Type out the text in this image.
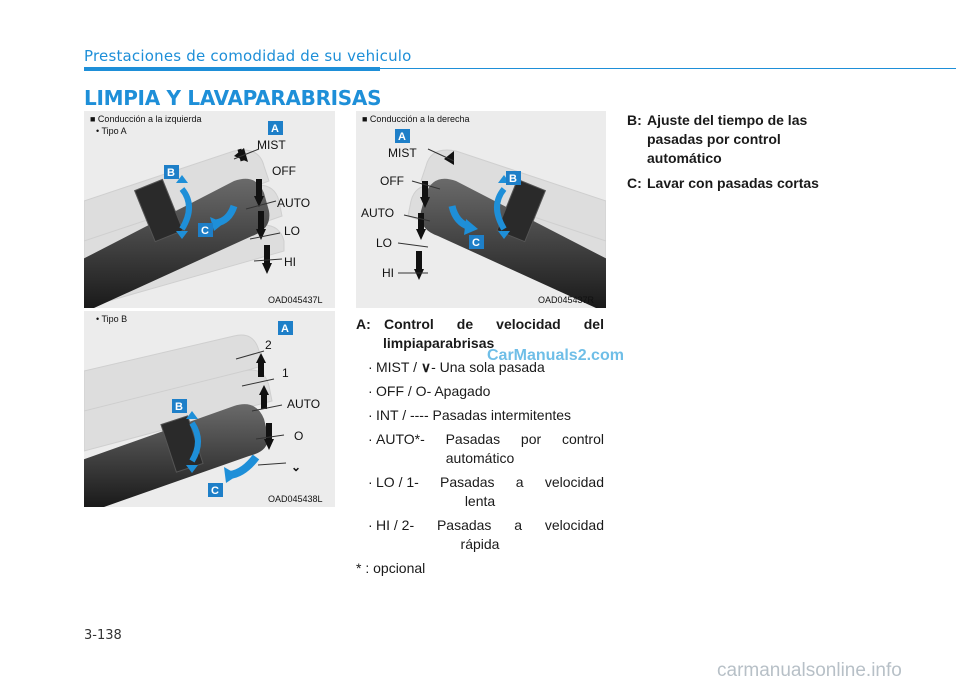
Prestaciones de comodidad de su vehiculo
LIMPIA Y LAVAPARABRISAS
■ Conducción a la izquierda
• Tipo A
MIST
OFF
AUTO
LO
HI
A
B
C
OAD045437L
• Tipo B
2
1
AUTO
O
⌄
A
B
C
OAD045438L
■ Conducción a la derecha
MIST
OFF
AUTO
LO
HI
A
B
C
OAD045437R
A: Control de velocidad del
limpiaparabrisas
· MIST / ∨ - Una sola pasada
· OFF / O - Apagado
· INT / --- - Pasadas intermitentes
· AUTO* - Pasadas por control
automático
· LO / 1 - Pasadas a velocidad
lenta
· HI / 2 - Pasadas a velocidad
rápida
* : opcional
B: Ajuste del tiempo de las
pasadas por control
automático
C: Lavar con pasadas cortas
CarManuals2.com
3-138
carmanualsonline.info
